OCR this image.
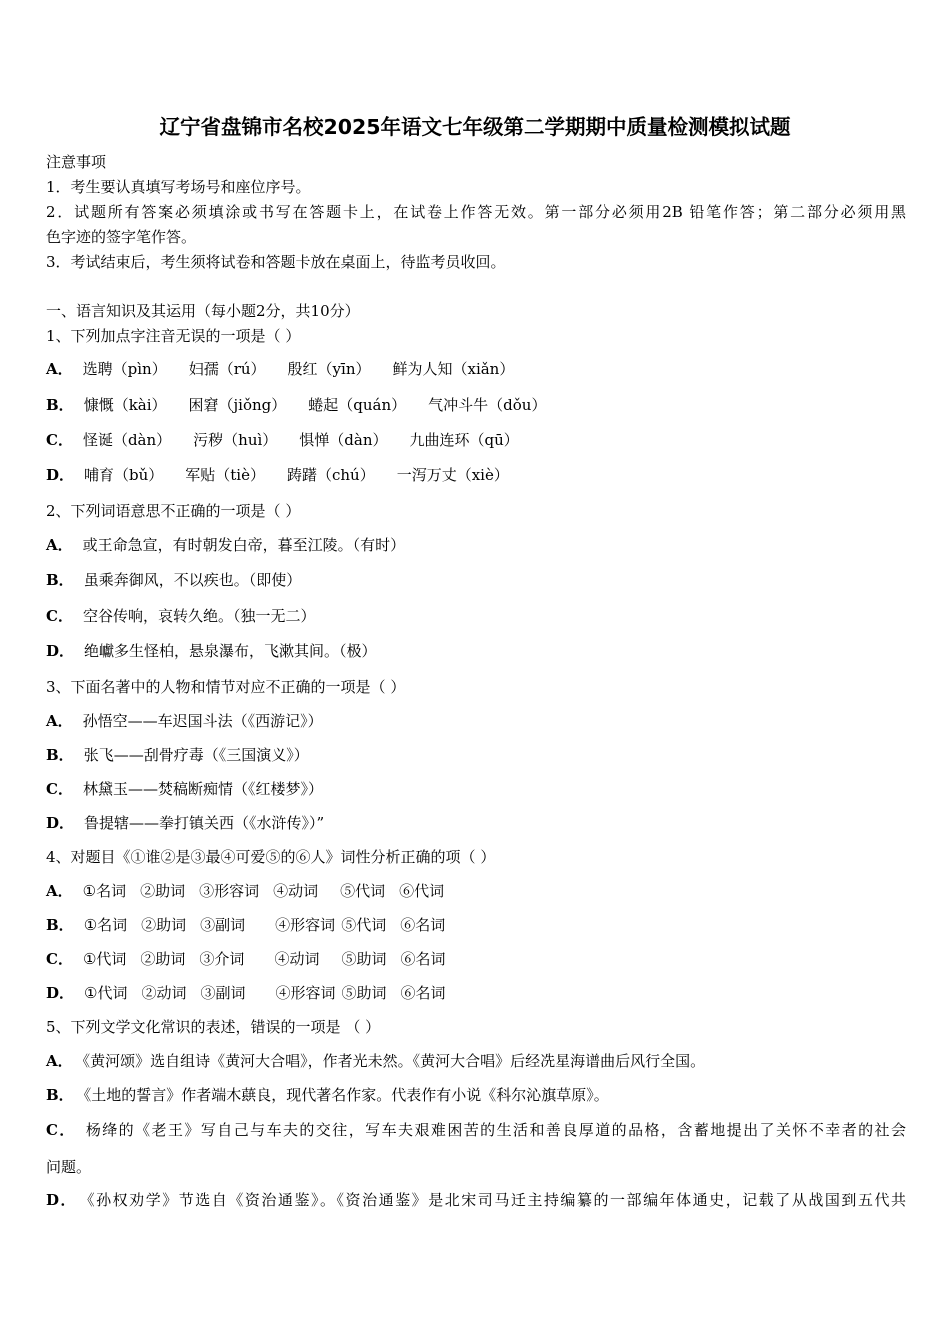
辽宁省盘锦市名校2025年语文七年级第二学期期中质量检测模拟试题
注意事项
1．考生要认真填写考场号和座位序号。
2．试题所有答案必须填涂或书写在答题卡上，在试卷上作答无效。第一部分必须用2B 铅笔作答；第二部分必须用黑
色字迹的签字笔作答。
3．考试结束后，考生须将试卷和答题卡放在桌面上，待监考员收回。
一、语言知识及其运用（每小题2分，共10分）
1、下列加点字注音无误的一项是（ ）
A． 选聘（pìn） 妇孺（rú） 殷红（yīn） 鲜为人知（xiǎn）
B． 慷慨（kài） 困窘（jiǒng） 蜷起（quán） 气冲斗牛（dǒu）
C． 怪诞（dàn） 污秽（huì） 惧惮（dàn） 九曲连环（qū）
D． 哺育（bǔ） 军贴（tiè） 踌躇（chú） 一泻万丈（xiè）
2、下列词语意思不正确的一项是（ ）
A． 或王命急宣，有时朝发白帝，暮至江陵。（有时）
B． 虽乘奔御风，不以疾也。（即使）
C． 空谷传响，哀转久绝。（独一无二）
D． 绝巘多生怪柏，悬泉瀑布，飞漱其间。（极）
3、下面名著中的人物和情节对应不正确的一项是（ ）
A． 孙悟空——车迟国斗法（《西游记》）
B． 张飞——刮骨疗毒（《三国演义》）
C． 林黛玉——焚稿断痴情（《红楼梦》）
D． 鲁提辖——拳打镇关西（《水浒传》）”
4、对题目《①谁②是③最④可爱⑤的⑥人》词性分析正确的项（ ）
A． ①名词 ②助词 ③形容词 ④动词 ⑤代词 ⑥代词
B． ①名词 ②助词 ③副词 ④形容词 ⑤代词 ⑥名词
C． ①代词 ②助词 ③介词 ④动词 ⑤助词 ⑥名词
D． ①代词 ②动词 ③副词 ④形容词 ⑤助词 ⑥名词
5、下列文学文化常识的表述，错误的一项是 （ ）
A． 《黄河颂》选自组诗《黄河大合唱》，作者光未然。《黄河大合唱》后经冼星海谱曲后风行全国。
B． 《土地的誓言》作者端木蕻良，现代著名作家。代表作有小说《科尔沁旗草原》。
C． 杨绛的《老王》写自己与车夫的交往，写车夫艰难困苦的生活和善良厚道的品格，含蓄地提出了关怀不幸者的社会
问题。
D． 《孙权劝学》节选自《资治通鉴》。《资治通鉴》是北宋司马迁主持编纂的一部编年体通史，记载了从战国到五代共
